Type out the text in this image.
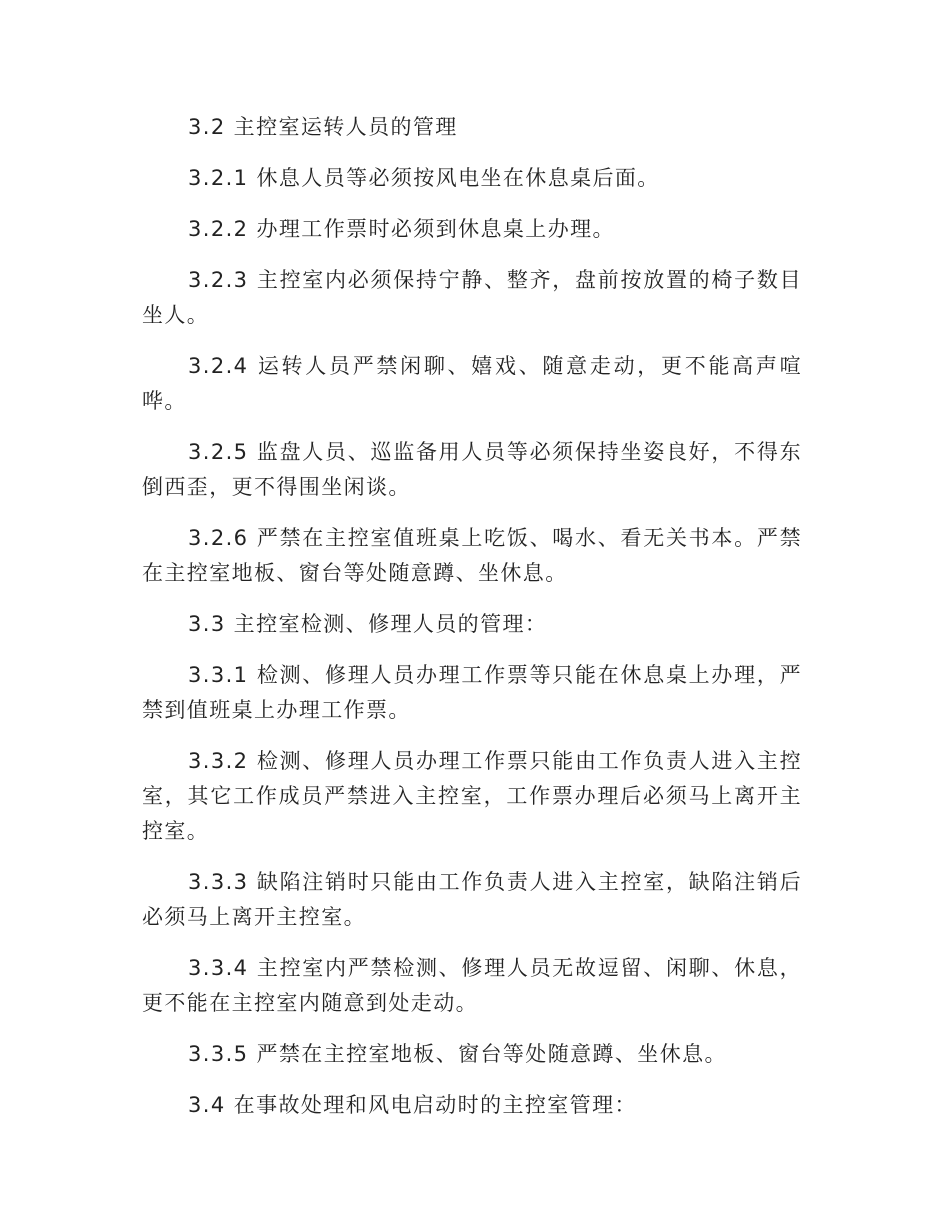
3.2 主控室运转人员的管理

3.2.1 休息人员等必须按风电坐在休息桌后面。

3.2.2 办理工作票时必须到休息桌上办理。

3.2.3 主控室内必须保持宁静、整齐，盘前按放置的椅子数目坐人。

3.2.4 运转人员严禁闲聊、嬉戏、随意走动，更不能高声喧哗。

3.2.5 监盘人员、巡监备用人员等必须保持坐姿良好，不得东倒西歪，更不得围坐闲谈。

3.2.6 严禁在主控室值班桌上吃饭、喝水、看无关书本。严禁在主控室地板、窗台等处随意蹲、坐休息。

3.3 主控室检测、修理人员的管理：

3.3.1 检测、修理人员办理工作票等只能在休息桌上办理，严禁到值班桌上办理工作票。

3.3.2 检测、修理人员办理工作票只能由工作负责人进入主控室，其它工作成员严禁进入主控室，工作票办理后必须马上离开主控室。

3.3.3 缺陷注销时只能由工作负责人进入主控室，缺陷注销后必须马上离开主控室。

3.3.4 主控室内严禁检测、修理人员无故逗留、闲聊、休息，更不能在主控室内随意到处走动。

3.3.5 严禁在主控室地板、窗台等处随意蹲、坐休息。

3.4 在事故处理和风电启动时的主控室管理：
